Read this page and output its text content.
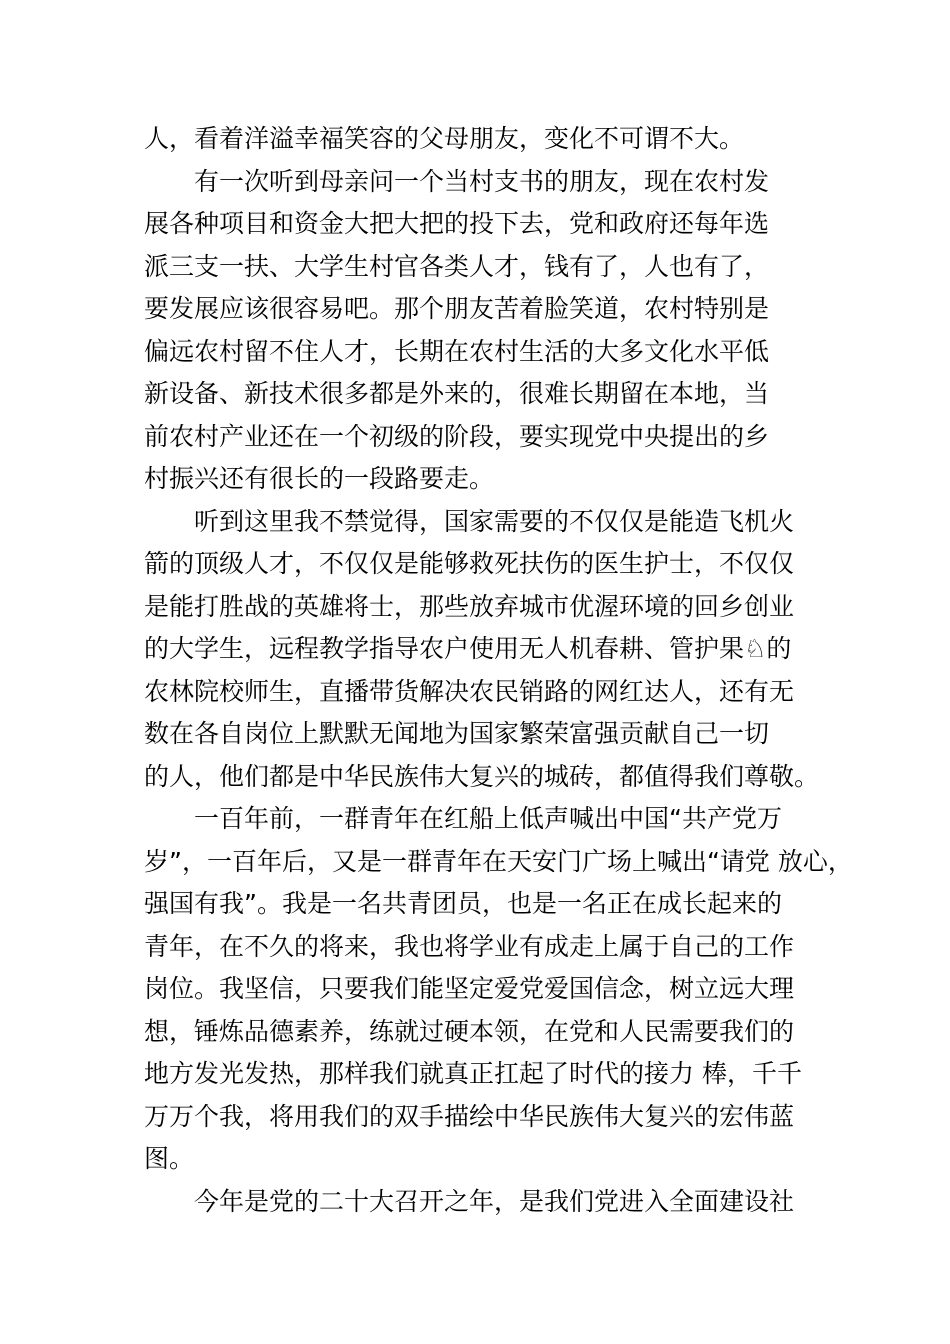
人，看着洋溢幸福笑容的父母朋友，变化不可谓不大。
　　有一次听到母亲问一个当村支书的朋友，现在农村发
展各种项目和资金大把大把的投下去，党和政府还每年选
派三支一扶、大学生村官各类人才，钱有了，人也有了，
要发展应该很容易吧。那个朋友苦着脸笑道，农村特别是
偏远农村留不住人才，长期在农村生活的大多文化水平低
新设备、新技术很多都是外来的，很难长期留在本地，当
前农村产业还在一个初级的阶段，要实现党中央提出的乡
村振兴还有很长的一段路要走。
　　听到这里我不禁觉得，国家需要的不仅仅是能造飞机火
箭的顶级人才，不仅仅是能够救死扶伤的医生护士，不仅仅
是能打胜战的英雄将士，那些放弃城市优渥环境的回乡创业
的大学生，远程教学指导农户使用无人机春耕、管护果♘的
农林院校师生，直播带货解决农民销路的网红达人，还有无
数在各自岗位上默默无闻地为国家繁荣富强贡献自己一切
的人，他们都是中华民族伟大复兴的城砖，都值得我们尊敬。
　　一百年前，一群青年在红船上低声喊出中国“共产党万
岁”，一百年后，又是一群青年在天安门广场上喊出“请党 放心，
强国有我”。我是一名共青团员，也是一名正在成长起来的
青年，在不久的将来，我也将学业有成走上属于自己的工作
岗位。我坚信，只要我们能坚定爱党爱国信念，树立远大理
想，锤炼品德素养，练就过硬本领，在党和人民需要我们的
地方发光发热，那样我们就真正扛起了时代的接力 棒，千千
万万个我，将用我们的双手描绘中华民族伟大复兴的宏伟蓝
图。
　　今年是党的二十大召开之年，是我们党进入全面建设社
